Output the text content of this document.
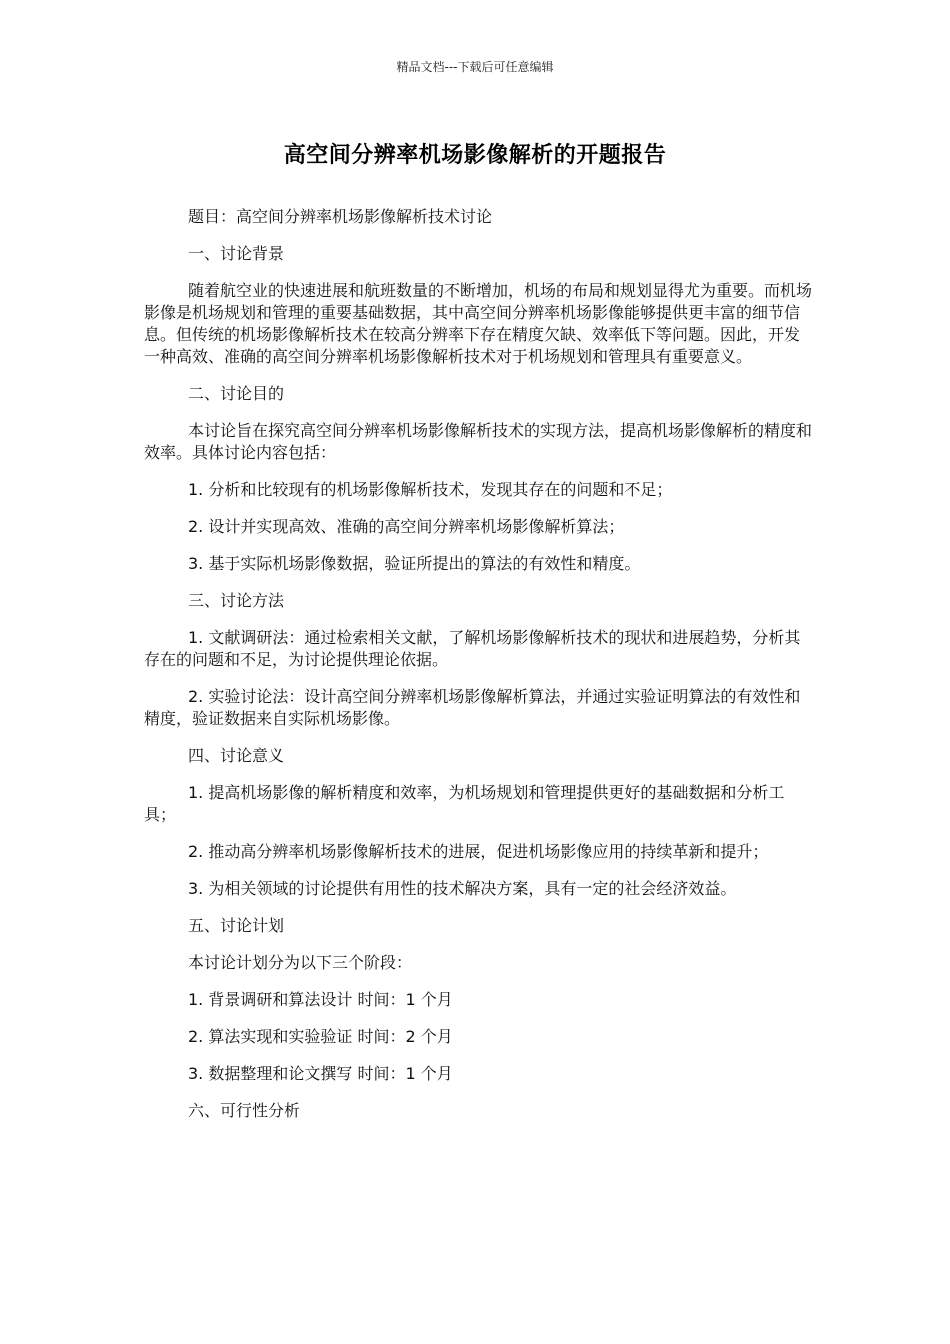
精品文档---下载后可任意编辑
高空间分辨率机场影像解析的开题报告

题目：高空间分辨率机场影像解析技术讨论

一、讨论背景

随着航空业的快速进展和航班数量的不断增加，机场的布局和规划显得尤为重要。而机场影像是机场规划和管理的重要基础数据，其中高空间分辨率机场影像能够提供更丰富的细节信息。但传统的机场影像解析技术在较高分辨率下存在精度欠缺、效率低下等问题。因此，开发一种高效、准确的高空间分辨率机场影像解析技术对于机场规划和管理具有重要意义。

二、讨论目的

本讨论旨在探究高空间分辨率机场影像解析技术的实现方法，提高机场影像解析的精度和效率。具体讨论内容包括：

1. 分析和比较现有的机场影像解析技术，发现其存在的问题和不足；

2. 设计并实现高效、准确的高空间分辨率机场影像解析算法；

3. 基于实际机场影像数据，验证所提出的算法的有效性和精度。

三、讨论方法

1. 文献调研法：通过检索相关文献，了解机场影像解析技术的现状和进展趋势，分析其存在的问题和不足，为讨论提供理论依据。

2. 实验讨论法：设计高空间分辨率机场影像解析算法，并通过实验证明算法的有效性和精度，验证数据来自实际机场影像。

四、讨论意义

1. 提高机场影像的解析精度和效率，为机场规划和管理提供更好的基础数据和分析工具；

2. 推动高分辨率机场影像解析技术的进展，促进机场影像应用的持续革新和提升；

3. 为相关领域的讨论提供有用性的技术解决方案，具有一定的社会经济效益。

五、讨论计划

本讨论计划分为以下三个阶段：

1. 背景调研和算法设计 时间：1 个月

2. 算法实现和实验验证 时间：2 个月

3. 数据整理和论文撰写 时间：1 个月

六、可行性分析
